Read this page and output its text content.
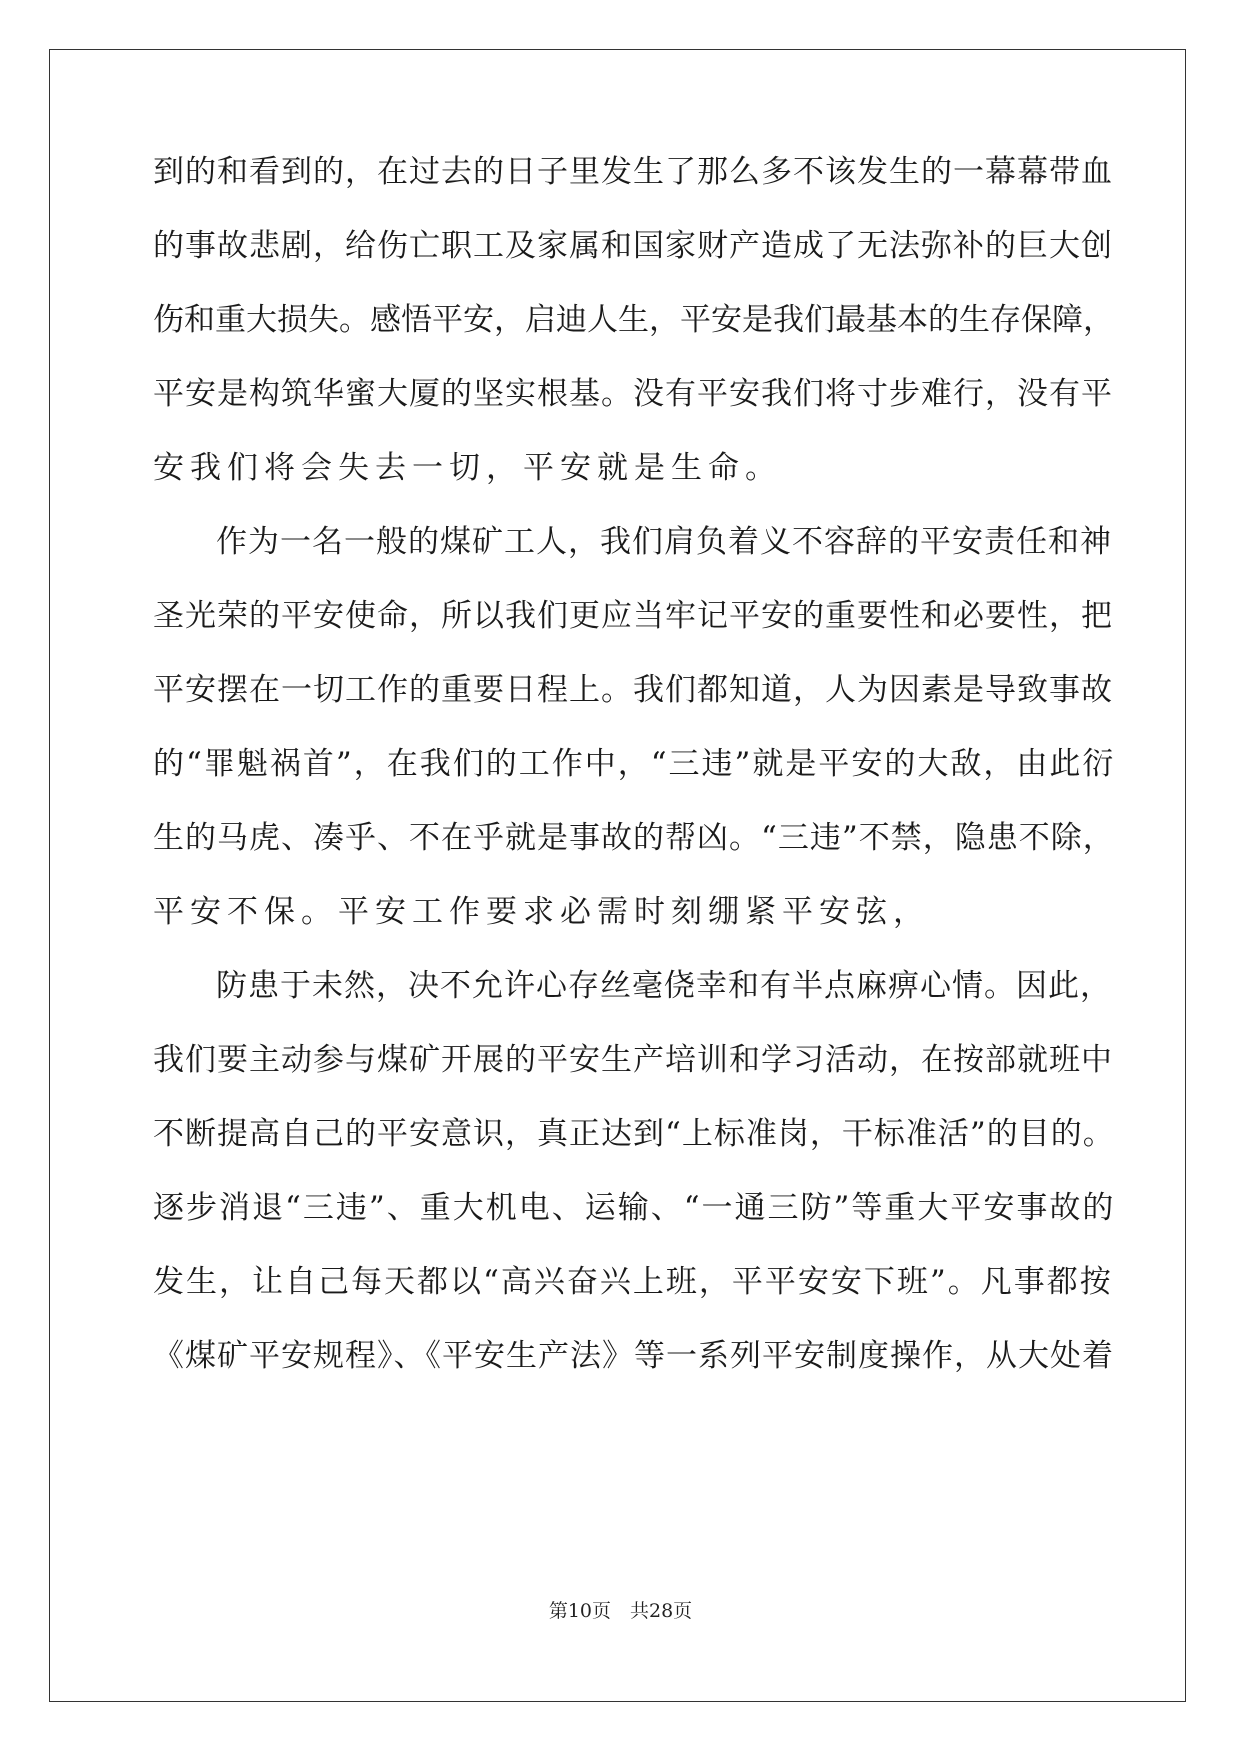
到的和看到的，在过去的日子里发生了那么多不该发生的一幕幕带血
的事故悲剧，给伤亡职工及家属和国家财产造成了无法弥补的巨大创
伤和重大损失。感悟平安，启迪人生，平安是我们最基本的生存保障，
平安是构筑华蜜大厦的坚实根基。没有平安我们将寸步难行，没有平
安我们将会失去一切，平安就是生命。
作为一名一般的煤矿工人，我们肩负着义不容辞的平安责任和神
圣光荣的平安使命，所以我们更应当牢记平安的重要性和必要性，把
平安摆在一切工作的重要日程上。我们都知道，人为因素是导致事故
的“罪魁祸首”，在我们的工作中，“三违”就是平安的大敌，由此衍
生的马虎、凑乎、不在乎就是事故的帮凶。“三违”不禁，隐患不除，
平安不保。平安工作要求必需时刻绷紧平安弦，
防患于未然，决不允许心存丝毫侥幸和有半点麻痹心情。因此，
我们要主动参与煤矿开展的平安生产培训和学习活动，在按部就班中
不断提高自己的平安意识，真正达到“上标准岗，干标准活”的目的。
逐步消退“三违”、重大机电、运输、“一通三防”等重大平安事故的
发生，让自己每天都以“高兴奋兴上班，平平安安下班”。凡事都按
《煤矿平安规程》、《平安生产法》等一系列平安制度操作，从大处着
第10页　共28页
